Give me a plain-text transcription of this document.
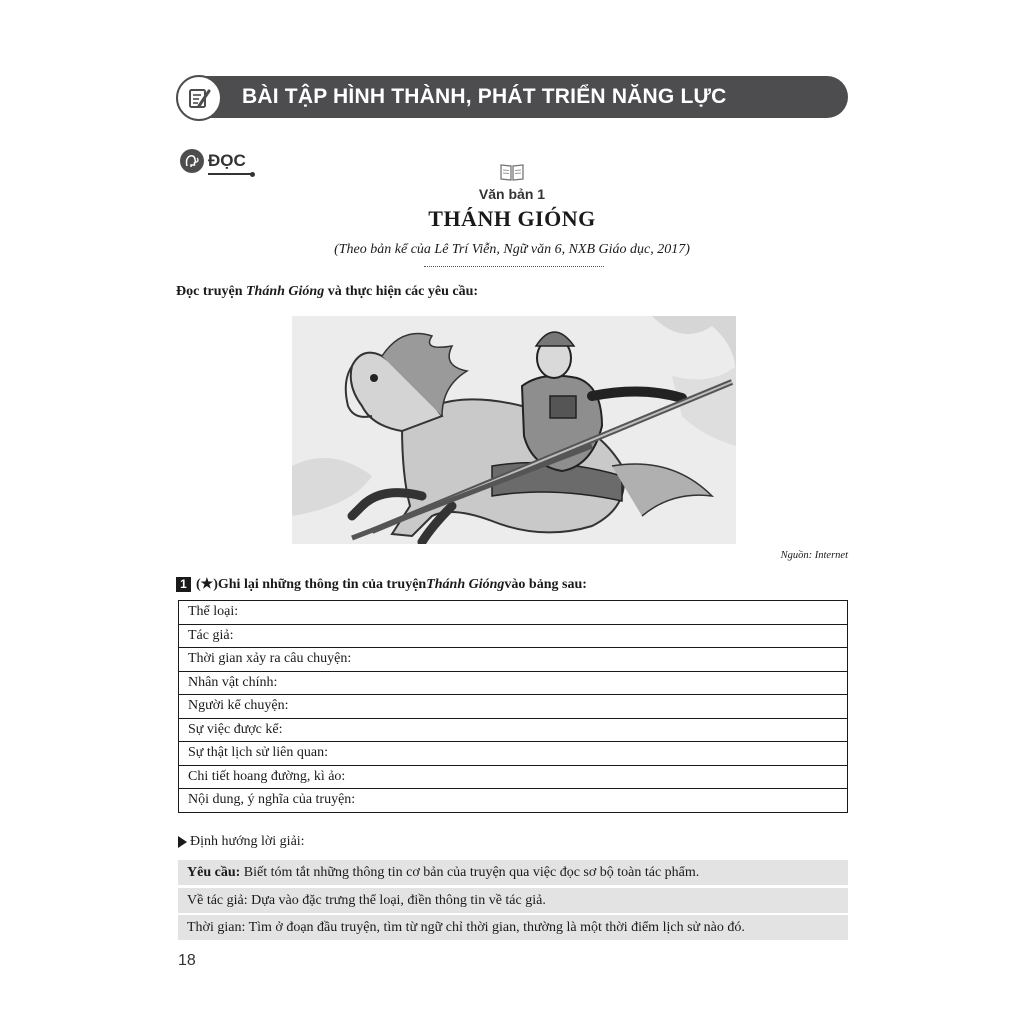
BÀI TẬP HÌNH THÀNH, PHÁT TRIỂN NĂNG LỰC
ĐỌC
Văn bản 1
THÁNH GIÓNG
(Theo bản kể của Lê Trí Viễn, Ngữ văn 6, NXB Giáo dục, 2017)
Đọc truyện Thánh Gióng và thực hiện các yêu cầu:
Nguồn: Internet
1 (★) Ghi lại những thông tin của truyện Thánh Gióng vào bảng sau:
Thể loại:
Tác giả:
Thời gian xảy ra câu chuyện:
Nhân vật chính:
Người kể chuyện:
Sự việc được kể:
Sự thật lịch sử liên quan:
Chi tiết hoang đường, kì ảo:
Nội dung, ý nghĩa của truyện:
Định hướng lời giải:
Yêu cầu: Biết tóm tắt những thông tin cơ bản của truyện qua việc đọc sơ bộ toàn tác phẩm.
Về tác giả: Dựa vào đặc trưng thể loại, điền thông tin về tác giả.
Thời gian: Tìm ở đoạn đầu truyện, tìm từ ngữ chỉ thời gian, thường là một thời điểm lịch sử nào đó.
18
